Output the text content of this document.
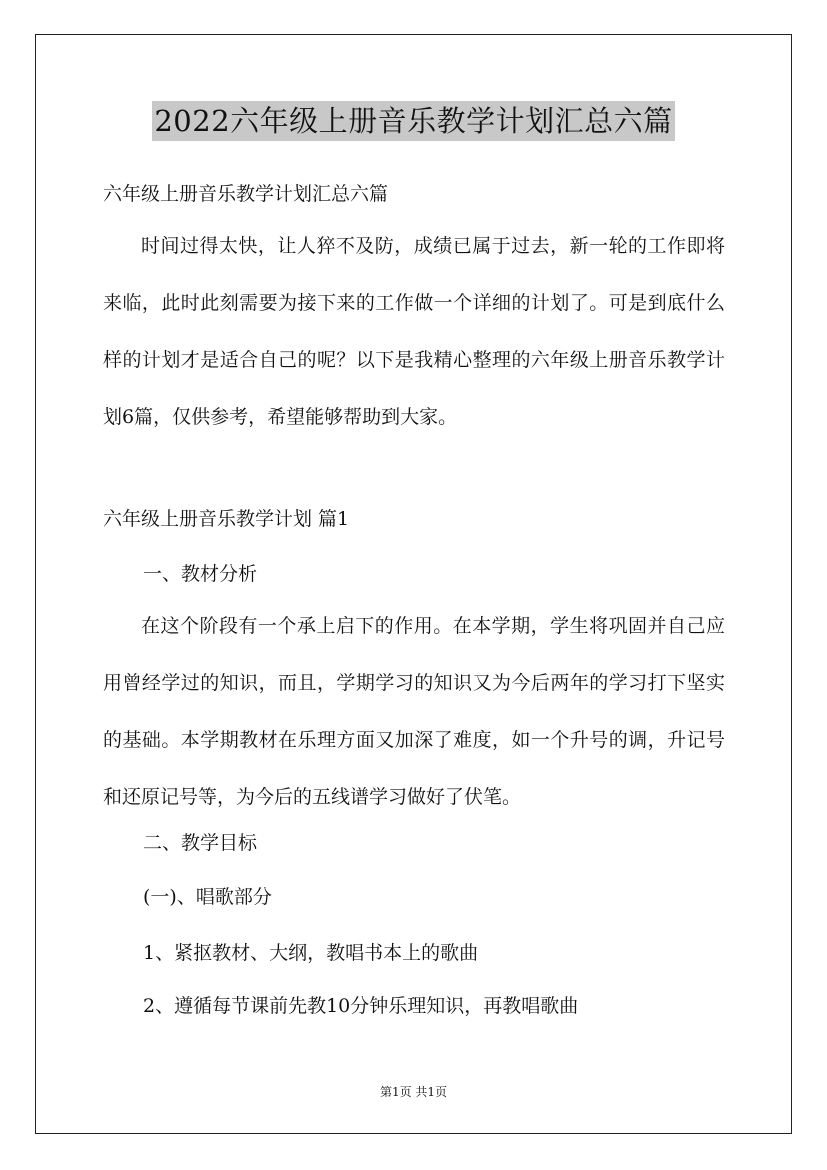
2022六年级上册音乐教学计划汇总六篇
六年级上册音乐教学计划汇总六篇

时间过得太快，让人猝不及防，成绩已属于过去，新一轮的工作即将来临，此时此刻需要为接下来的工作做一个详细的计划了。可是到底什么样的计划才是适合自己的呢？以下是我精心整理的六年级上册音乐教学计划6篇，仅供参考，希望能够帮助到大家。

六年级上册音乐教学计划 篇1
一、教材分析

在这个阶段有一个承上启下的作用。在本学期，学生将巩固并自己应用曾经学过的知识，而且，学期学习的知识又为今后两年的学习打下坚实的基础。本学期教材在乐理方面又加深了难度，如一个升号的调，升记号和还原记号等，为今后的五线谱学习做好了伏笔。

二、教学目标
(一)、唱歌部分
1、紧抠教材、大纲，教唱书本上的歌曲
2、遵循每节课前先教10分钟乐理知识，再教唱歌曲
第1页 共1页
